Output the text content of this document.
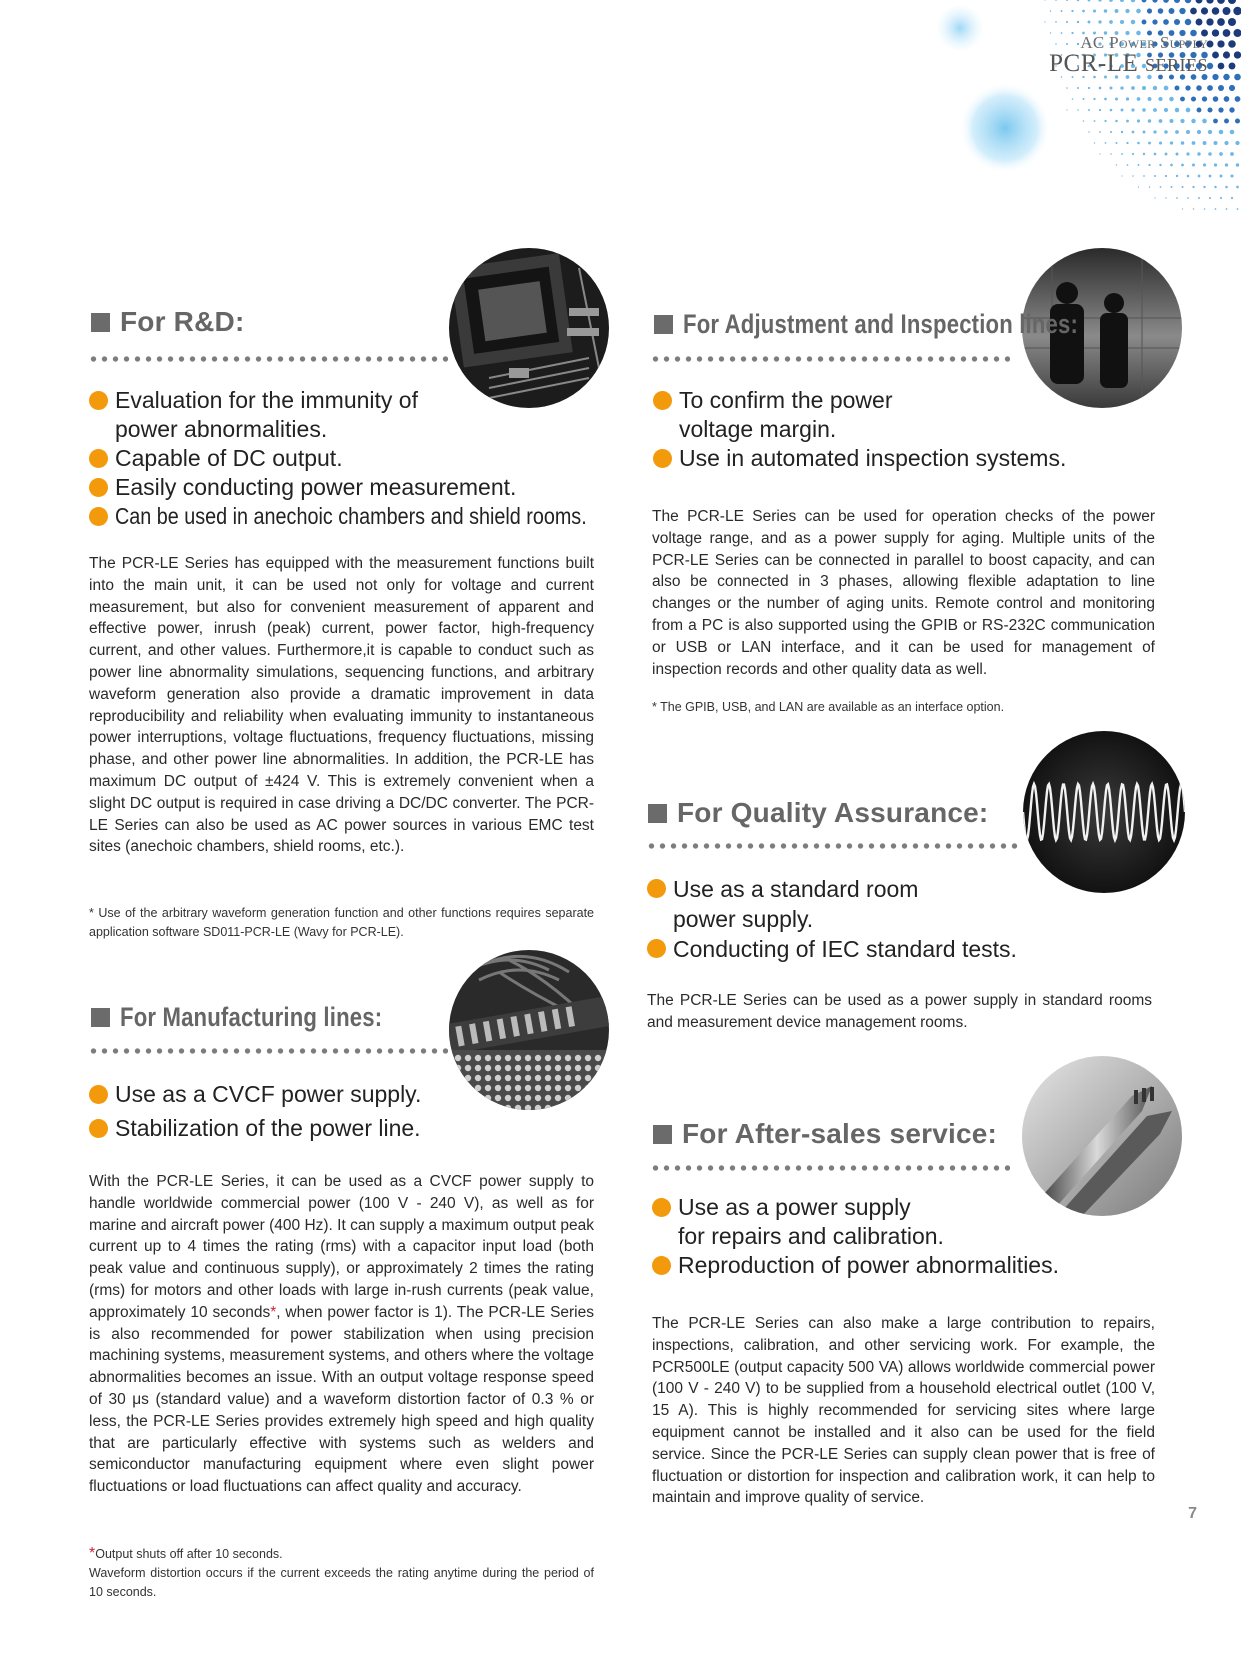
AC Power Supply
PCR-LE series
For R&D:
Evaluation for the immunity of
power abnormalities.
Capable of DC output.
Easily conducting power measurement.
Can be used in anechoic chambers and shield rooms.

The PCR-LE Series has equipped with the measurement functions built into the main unit, it can be used not only for voltage and current measurement, but also for convenient measurement of apparent and effective power, inrush (peak) current, power factor, high-frequency current, and other values. Furthermore,it is capable to conduct such as power line abnormality simulations, sequencing functions, and arbitrary waveform generation also provide a dramatic improvement in data reproducibility and reliability when evaluating immunity to instantaneous power interruptions, voltage fluctuations, frequency fluctuations, missing phase, and other power line abnormalities. In addition, the PCR-LE has maximum DC output of ±424 V. This is extremely convenient when a slight DC output is required in case driving a DC/DC converter. The PCR-LE Series can also be used as AC power sources in various EMC test sites (anechoic chambers, shield rooms, etc.).

* Use of the arbitrary waveform generation function and other functions requires separate application software SD011-PCR-LE (Wavy for PCR-LE).

For Manufacturing lines:
Use as a CVCF power supply.
Stabilization of the power line.

With the PCR-LE Series, it can be used as a CVCF power supply to handle worldwide commercial power (100 V - 240 V), as well as for marine and aircraft power (400 Hz). It can supply a maximum output peak current up to 4 times the rating (rms) with a capacitor input load (both peak value and continuous supply), or approximately 2 times the rating (rms) for motors and other loads with large in-rush currents (peak value, approximately 10 seconds*, when power factor is 1). The PCR-LE Series is also recommended for power stabilization when using precision machining systems, measurement systems, and others where the voltage abnormalities becomes an issue. With an output voltage response speed of 30 μs (standard value) and a waveform distortion factor of 0.3 % or less, the PCR-LE Series provides extremely high speed and high quality that are particularly effective with systems such as welders and semiconductor manufacturing equipment where even slight power fluctuations or load fluctuations can affect quality and accuracy.

*Output shuts off after 10 seconds.
Waveform distortion occurs if the current exceeds the rating anytime during the period of 10 seconds.

For Adjustment and Inspection lines:
To confirm the power
voltage margin.
Use in automated inspection systems.

The PCR-LE Series can be used for operation checks of the power voltage range, and as a power supply for aging. Multiple units of the PCR-LE Series can be connected in parallel to boost capacity, and can also be connected in 3 phases, allowing flexible adaptation to line changes or the number of aging units. Remote control and monitoring from a PC is also supported using the GPIB or RS-232C communication or USB or LAN interface, and it can be used for management of inspection records and other quality data as well.

* The GPIB, USB, and LAN are available as an interface option.

For Quality Assurance:
Use as a standard room
power supply.
Conducting of IEC standard tests.

The PCR-LE Series can be used as a power supply in standard rooms and measurement device management rooms.

For After-sales service:
Use as a power supply
for repairs and calibration.
Reproduction of power abnormalities.

The PCR-LE Series can also make a large contribution to repairs, inspections, calibration, and other servicing work. For example, the PCR500LE (output capacity 500 VA) allows worldwide commercial power (100 V - 240 V) to be supplied from a household electrical outlet (100 V, 15 A). This is highly recommended for servicing sites where large equipment cannot be installed and it also can be used for the field service. Since the PCR-LE Series can supply clean power that is free of fluctuation or distortion for inspection and calibration work, it can help to maintain and improve quality of service.

7
